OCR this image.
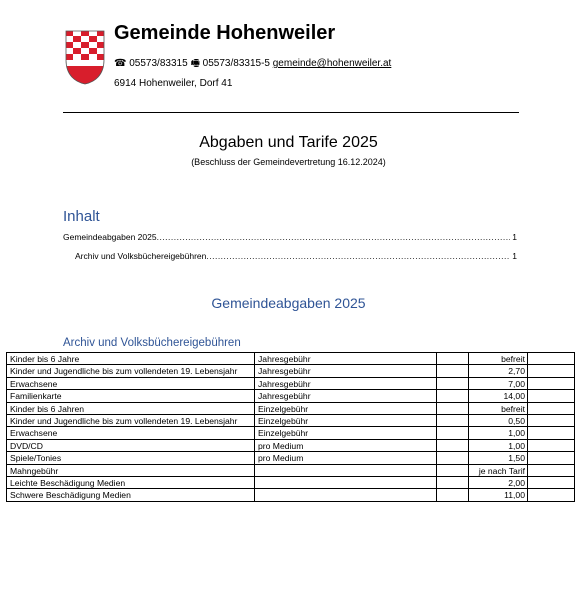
Gemeinde Hohenweiler
☎ 05573/83315 🖷 05573/83315-5 gemeinde@hohenweiler.at
6914 Hohenweiler, Dorf 41
Abgaben und Tarife 2025
(Beschluss der Gemeindevertretung 16.12.2024)
Inhalt
Gemeindeabgaben 2025 .....	1
Archiv und Volksbüchereigebühren .....	1
Gemeindeabgaben 2025
Archiv und Volksbüchereigebühren
Kinder bis 6 Jahre	Jahresgebühr		befreit	
Kinder und Jugendliche bis zum vollendeten 19. Lebensjahr	Jahresgebühr		2,70	
Erwachsene	Jahresgebühr		7,00	
Familienkarte	Jahresgebühr		14,00	
Kinder bis 6 Jahren	Einzelgebühr		befreit	
Kinder und Jugendliche bis zum vollendeten 19. Lebensjahr	Einzelgebühr		0,50	
Erwachsene	Einzelgebühr		1,00	
DVD/CD	pro Medium		1,00	
Spiele/Tonies	pro Medium		1,50	
Mahngebühr			je nach Tarif	
Leichte Beschädigung Medien			2,00	
Schwere Beschädigung Medien			11,00	
